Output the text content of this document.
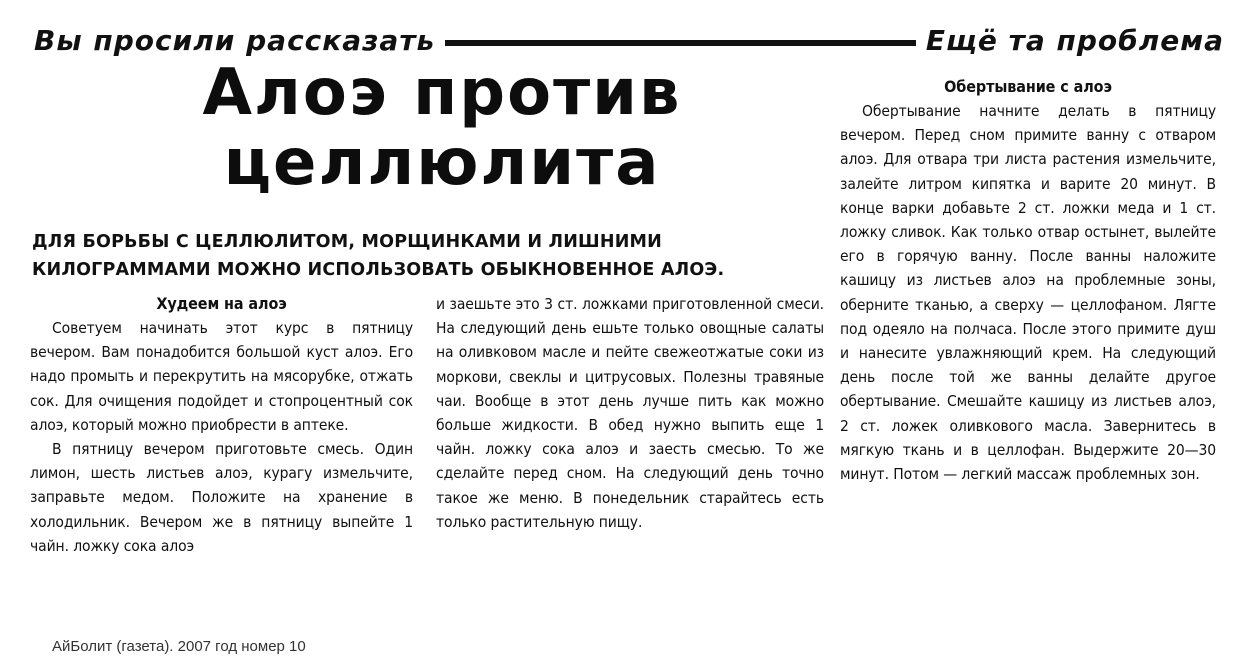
Вы просили рассказать	Ещё та проблема
Алоэ против
целлюлита
ДЛЯ БОРЬБЫ С ЦЕЛЛЮЛИТОМ, МОРЩИНКАМИ И ЛИШНИМИ КИЛОГРАММАМИ МОЖНО ИСПОЛЬЗОВАТЬ ОБЫКНОВЕННОЕ АЛОЭ.
Худеем на алоэ

Советуем начинать этот курс в пятницу вечером. Вам понадобится большой куст алоэ. Его надо промыть и перекрутить на мясорубке, отжать сок. Для очищения подойдет и стопроцентный сок алоэ, который можно приобрести в аптеке.

В пятницу вечером приготовьте смесь. Один лимон, шесть листьев алоэ, курагу измельчите, заправьте медом. Положите на хранение в холодильник. Вечером же в пятницу выпейте 1 чайн. ложку сока алоэ

и заешьте это 3 ст. ложками приготовленной смеси. На следующий день ешьте только овощные салаты на оливковом масле и пейте свежеотжатые соки из моркови, свеклы и цитрусовых. Полезны травяные чаи. Вообще в этот день лучше пить как можно больше жидкости. В обед нужно выпить еще 1 чайн. ложку сока алоэ и заесть смесью. То же сделайте перед сном. На следующий день точно такое же меню. В понедельник старайтесь есть только растительную пищу.

Обертывание с алоэ

Обертывание начните делать в пятницу вечером. Перед сном примите ванну с отваром алоэ. Для отвара три листа растения измельчите, залейте литром кипятка и варите 20 минут. В конце варки добавьте 2 ст. ложки меда и 1 ст. ложку сливок. Как только отвар остынет, вылейте его в горячую ванну. После ванны наложите кашицу из листьев алоэ на проблемные зоны, оберните тканью, а сверху — целлофаном. Лягте под одеяло на полчаса. После этого примите душ и нанесите увлажняющий крем. На следующий день после той же ванны делайте другое обертывание. Смешайте кашицу из листьев алоэ, 2 ст. ложек оливкового масла. Завернитесь в мягкую ткань и в целлофан. Выдержите 20—30 минут. Потом — легкий массаж проблемных зон.

АйБолит (газета). 2007 год номер 10
